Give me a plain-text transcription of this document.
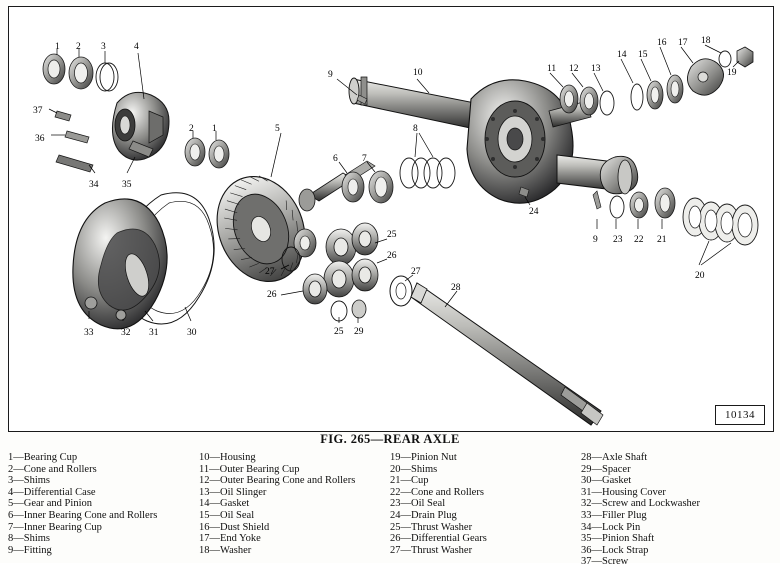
1 2 3	4
37
36
34 35
2 1	5
6	7
9	10
8
11 12 13
14 15
16 17 18
19
24
9 23 22 21
20
25
26
27
26
25 29
27
28
33	32 31	30
10134
FIG. 265—REAR AXLE
1—Bearing Cup
2—Cone and Rollers
3—Shims
4—Differential Case
5—Gear and Pinion
6—Inner Bearing Cone and Rollers
7—Inner Bearing Cup
8—Shims
9—Fitting
10—Housing
11—Outer Bearing Cup
12—Outer Bearing Cone and Rollers
13—Oil Slinger
14—Gasket
15—Oil Seal
16—Dust Shield
17—End Yoke
18—Washer
19—Pinion Nut
20—Shims
21—Cup
22—Cone and Rollers
23—Oil Seal
24—Drain Plug
25—Thrust Washer
26—Differential Gears
27—Thrust Washer
28—Axle Shaft
29—Spacer
30—Gasket
31—Housing Cover
32—Screw and Lockwasher
33—Filler Plug
34—Lock Pin
35—Pinion Shaft
36—Lock Strap
37—Screw
